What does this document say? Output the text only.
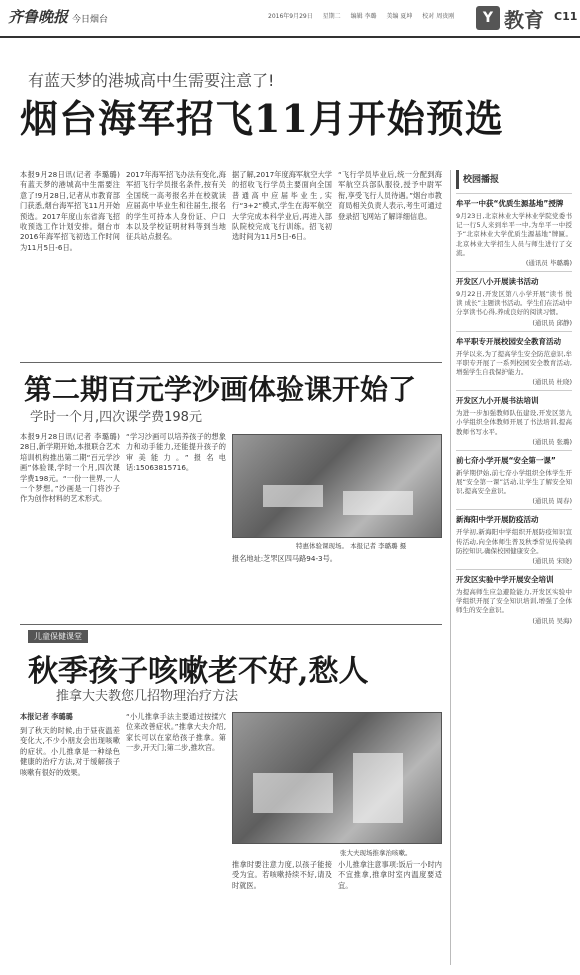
齐鲁晚报 今日烟台	2016年9月29日 星期二 编辑 李璐 美编 夏坤 校对 周贵刚	Y 教育 C11
有蓝天梦的港城高中生需要注意了!
烟台海军招飞11月开始预选
本报9月28日讯(记者 李璐璐) 有蓝天梦的港城高中生需要注意了!9月28日,记者从市教育部门获悉,烟台海军招飞11月开始预选。2017年度山东省海飞招收预选工作计划安排。烟台市2016年海军招飞初选工作时间为11月5日-6日。
2017年海军招飞办法有变化,海军招飞行学员报名条件,按有关全国统一高考报名并在校就读应届高中毕业生和往届生,报名的学生可持本人身份证、户口本以及学校证明材料等到当地征兵站点报名。
据了解,2017年度海军航空大学的招收飞行学员主要面向全国普通高中应届毕业生,实行“3+2”模式,学生在海军航空大学完成本科学业后,再进入部队院校完成飞行训练。招飞初选时间为11月5日-6日。
“飞行学员毕业后,统一分配到海军航空兵部队服役,授予中尉军衔,享受飞行人员待遇。”烟台市教育局相关负责人表示,考生可通过登录招飞网站了解详细信息。
校园播报
牟平一中获“优质生源基地”授牌

9月23日,北京林业大学林业学院党委书记一行5人来到牟平一中,为牟平一中授予“北京林业大学优质生源基地”牌匾。北京林业大学招生人员与师生进行了交流。

(通讯员 毕璐璐)
开发区八小开展读书活动

9月22日,开发区第八小学开展“读书 悦读 成长”主题读书活动。学生们在活动中分享读书心得,养成良好的阅读习惯。

(通讯员 邱静)
牟平职专开展校园安全教育活动

开学以来,为了提高学生安全防范意识,牟平职专开展了一系列校园安全教育活动,增强学生自我保护能力。

(通讯员 杜晓)
开发区九小开展书法培训

为进一步加强教师队伍建设,开发区第九小学组织全体教师开展了书法培训,提高教师书写水平。

(通讯员 张璐)
前七夼小学开展“安全第一课”

新学期伊始,前七夼小学组织全体学生开展“安全第一课”活动,让学生了解安全知识,提高安全意识。

(通讯员 周春)
新海阳中学开展防疫活动

开学初,新海阳中学组织开展防疫知识宣传活动,向全体师生普及秋季常见传染病防控知识,确保校园健康安全。

(通讯员 宋晓)
开发区实验中学开展安全培训

为提高师生应急避险能力,开发区实验中学组织开展了安全知识培训,增强了全体师生的安全意识。

(通讯员 吴海)
第二期百元学沙画体验课开始了
学时一个月,四次课学费198元
本报9月28日讯(记者 李璐璐) 28日,新学期开始,本报联合艺术培训机构推出第二期“百元学沙画”体验课,学时一个月,四次课学费198元。“一份一世界,一人一个梦想。”沙画是一门将沙子作为创作材料的艺术形式。
“学习沙画可以培养孩子的想象力和动手能力,还能提升孩子的审美能力。”报名电话:15063815716。
特惠体验课现场。 本报记者 李璐璐 摄
报名地址:芝罘区四马路94-3号。
儿童保健课堂
秋季孩子咳嗽老不好,愁人
推拿大夫教您几招物理治疗方法
本报记者 李璐璐
到了秋天的时候,由于昼夜温差变化大,不少小朋友会出现咳嗽的症状。小儿推拿是一种绿色健康的治疗方法,对于缓解孩子咳嗽有很好的效果。
“小儿推拿手法主要通过按揉穴位来改善症状。”推拿大夫介绍,家长可以在家给孩子推拿。第一步,开天门;第二步,推坎宫。
张大夫现场推拿治咳嗽。
推拿时要注意力度,以孩子能接受为宜。若咳嗽持续不好,请及时就医。
小儿推拿注意事项:饭后一小时内不宜推拿,推拿时室内温度要适宜。
